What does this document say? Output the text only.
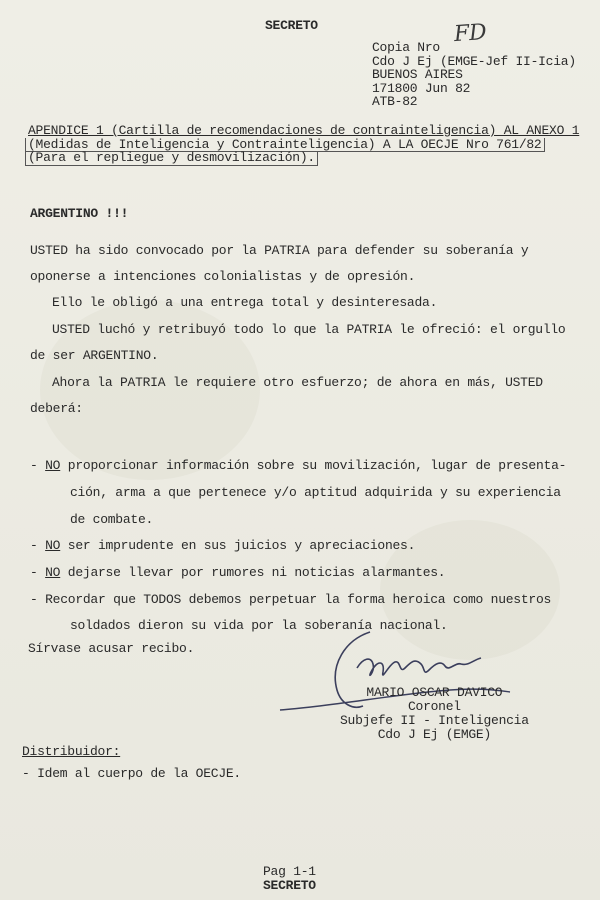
SECRETO	FD
Copia Nro
Cdo J Ej (EMGE-Jef II-Icia)
BUENOS AIRES
171800 Jun 82
ATB-82
APENDICE 1 (Cartilla de recomendaciones de contrainteligencia) AL ANEXO 1
(Medidas de Inteligencia y Contrainteligencia) A LA OECJE Nro 761/82
(Para el repliegue y desmovilización).
ARGENTINO !!!
USTED ha sido convocado por la PATRIA para defender su soberanía y
oponerse a intenciones colonialistas y de opresión.
Ello le obligó a una entrega total y desinteresada.
USTED luchó y retribuyó todo lo que la PATRIA le ofreció: el orgullo
de ser ARGENTINO.
Ahora la PATRIA le requiere otro esfuerzo; de ahora en más, USTED
deberá:
- NO proporcionar información sobre su movilización, lugar de presenta-
ción, arma a que pertenece y/o aptitud adquirida y su experiencia
de combate.
- NO ser imprudente en sus juicios y apreciaciones.
- NO dejarse llevar por rumores ni noticias alarmantes.
- Recordar que TODOS debemos perpetuar la forma heroica como nuestros
soldados dieron su vida por la soberanía nacional.
Sírvase acusar recibo.
MARIO OSCAR DAVICO
Coronel
Subjefe II - Inteligencia
Cdo J Ej (EMGE)
Distribuidor:
- Idem al cuerpo de la OECJE.
Pag 1-1
SECRETO
